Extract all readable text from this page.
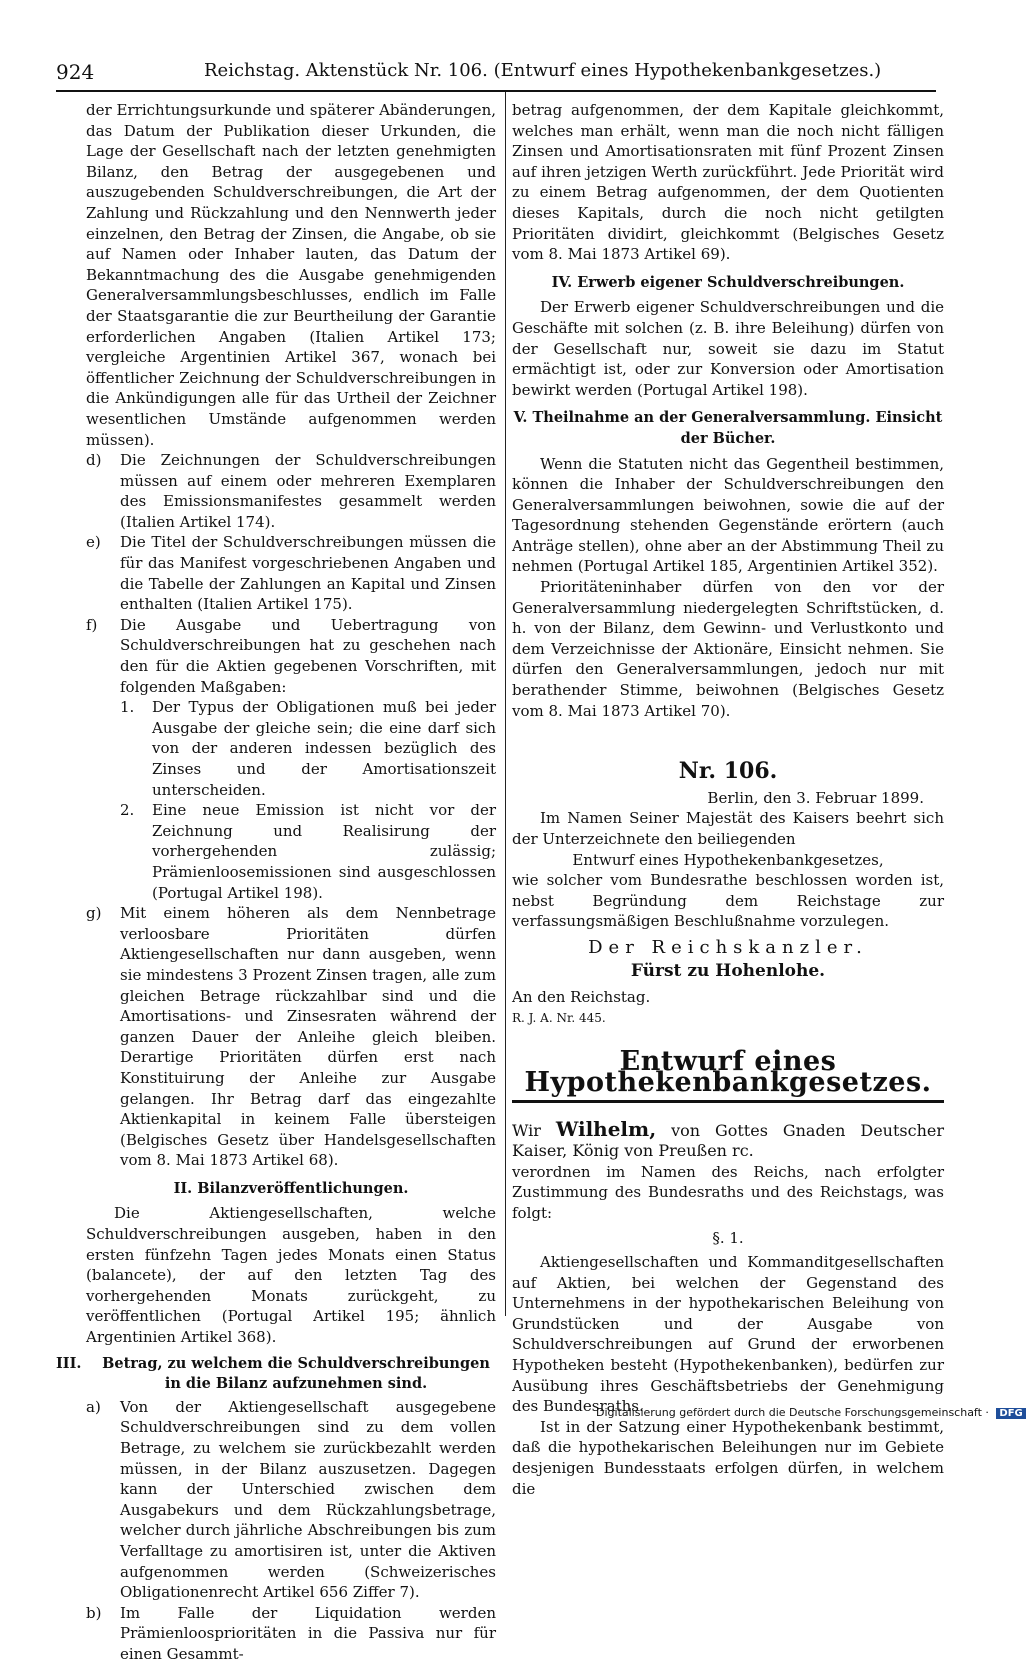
924	Reichstag. Aktenstück Nr. 106. (Entwurf eines Hypothekenbankgesetzes.)

der Errichtungsurkunde und späterer Abänderungen, das Datum der Publikation dieser Urkunden, die Lage der Gesellschaft nach der letzten genehmigten Bilanz, den Betrag der ausgegebenen und auszugebenden Schuldverschreibungen, die Art der Zahlung und Rückzahlung und den Nennwerth jeder einzelnen, den Betrag der Zinsen, die Angabe, ob sie auf Namen oder Inhaber lauten, das Datum der Bekanntmachung des die Ausgabe genehmigenden Generalversammlungsbeschlusses, endlich im Falle der Staatsgarantie die zur Beurtheilung der Garantie erforderlichen Angaben (Italien Artikel 173; vergleiche Argentinien Artikel 367, wonach bei öffentlicher Zeichnung der Schuldverschreibungen in die Ankündigungen alle für das Urtheil der Zeichner wesentlichen Umstände aufgenommen werden müssen).

d)	Die Zeichnungen der Schuldverschreibungen müssen auf einem oder mehreren Exemplaren des Emissionsmanifestes gesammelt werden (Italien Artikel 174).
e)	Die Titel der Schuldverschreibungen müssen die für das Manifest vorgeschriebenen Angaben und die Tabelle der Zahlungen an Kapital und Zinsen enthalten (Italien Artikel 175).
f)	Die Ausgabe und Uebertragung von Schuldverschreibungen hat zu geschehen nach den für die Aktien gegebenen Vorschriften, mit folgenden Maßgaben:
1.	Der Typus der Obligationen muß bei jeder Ausgabe der gleiche sein; die eine darf sich von der anderen indessen bezüglich des Zinses und der Amortisationszeit unterscheiden.
2.	Eine neue Emission ist nicht vor der Zeichnung und Realisirung der vorhergehenden zulässig; Prämienloosemissionen sind ausgeschlossen (Portugal Artikel 198).
g)	Mit einem höheren als dem Nennbetrage verloosbare Prioritäten dürfen Aktiengesellschaften nur dann ausgeben, wenn sie mindestens 3 Prozent Zinsen tragen, alle zum gleichen Betrage rückzahlbar sind und die Amortisations- und Zinsesraten während der ganzen Dauer der Anleihe gleich bleiben. Derartige Prioritäten dürfen erst nach Konstituirung der Anleihe zur Ausgabe gelangen. Ihr Betrag darf das eingezahlte Aktienkapital in keinem Falle übersteigen (Belgisches Gesetz über Handelsgesellschaften vom 8. Mai 1873 Artikel 68).
II. Bilanzveröffentlichungen.

Die Aktiengesellschaften, welche Schuldverschreibungen ausgeben, haben in den ersten fünfzehn Tagen jedes Monats einen Status (balancete), der auf den letzten Tag des vorhergehenden Monats zurückgeht, zu veröffentlichen (Portugal Artikel 195; ähnlich Argentinien Artikel 368).

III.	Betrag, zu welchem die Schuldverschreibungen in die Bilanz aufzunehmen sind.
a)	Von der Aktiengesellschaft ausgegebene Schuldverschreibungen sind zu dem vollen Betrage, zu welchem sie zurückbezahlt werden müssen, in der Bilanz auszusetzen. Dagegen kann der Unterschied zwischen dem Ausgabekurs und dem Rückzahlungsbetrage, welcher durch jährliche Abschreibungen bis zum Verfalltage zu amortisiren ist, unter die Aktiven aufgenommen werden (Schweizerisches Obligationenrecht Artikel 656 Ziffer 7).
b)	Im Falle der Liquidation werden Prämienloosprioritäten in die Passiva nur für einen Gesammt-

betrag aufgenommen, der dem Kapitale gleichkommt, welches man erhält, wenn man die noch nicht fälligen Zinsen und Amortisationsraten mit fünf Prozent Zinsen auf ihren jetzigen Werth zurückführt. Jede Priorität wird zu einem Betrag aufgenommen, der dem Quotienten dieses Kapitals, durch die noch nicht getilgten Prioritäten dividirt, gleichkommt (Belgisches Gesetz vom 8. Mai 1873 Artikel 69).

IV. Erwerb eigener Schuldverschreibungen.

Der Erwerb eigener Schuldverschreibungen und die Geschäfte mit solchen (z. B. ihre Beleihung) dürfen von der Gesellschaft nur, soweit sie dazu im Statut ermächtigt ist, oder zur Konversion oder Amortisation bewirkt werden (Portugal Artikel 198).

V. Theilnahme an der Generalversammlung. Einsicht der Bücher.

Wenn die Statuten nicht das Gegentheil bestimmen, können die Inhaber der Schuldverschreibungen den Generalversammlungen beiwohnen, sowie die auf der Tagesordnung stehenden Gegenstände erörtern (auch Anträge stellen), ohne aber an der Abstimmung Theil zu nehmen (Portugal Artikel 185, Argentinien Artikel 352).

Prioritäteninhaber dürfen von den vor der Generalversammlung niedergelegten Schriftstücken, d. h. von der Bilanz, dem Gewinn- und Verlustkonto und dem Verzeichnisse der Aktionäre, Einsicht nehmen. Sie dürfen den Generalversammlungen, jedoch nur mit berathender Stimme, beiwohnen (Belgisches Gesetz vom 8. Mai 1873 Artikel 70).

Nr. 106.

Berlin, den 3. Februar 1899.

Im Namen Seiner Majestät des Kaisers beehrt sich der Unterzeichnete den beiliegenden

Entwurf eines Hypothekenbankgesetzes,

wie solcher vom Bundesrathe beschlossen worden ist, nebst Begründung dem Reichstage zur verfassungsmäßigen Beschlußnahme vorzulegen.

Der Reichskanzler.
Fürst zu Hohenlohe.

An den Reichstag.

R. J. A. Nr. 445.

Entwurf eines Hypothekenbankgesetzes.

Wir Wilhelm, von Gottes Gnaden Deutscher Kaiser, König von Preußen rc.

verordnen im Namen des Reichs, nach erfolgter Zustimmung des Bundesraths und des Reichstags, was folgt:

§. 1.

Aktiengesellschaften und Kommanditgesellschaften auf Aktien, bei welchen der Gegenstand des Unternehmens in der hypothekarischen Beleihung von Grundstücken und der Ausgabe von Schuldverschreibungen auf Grund der erworbenen Hypotheken besteht (Hypothekenbanken), bedürfen zur Ausübung ihres Geschäftsbetriebs der Genehmigung des Bundesraths.

Ist in der Satzung einer Hypothekenbank bestimmt, daß die hypothekarischen Beleihungen nur im Gebiete desjenigen Bundesstaats erfolgen dürfen, in welchem die

Digitalisierung gefördert durch die Deutsche Forschungsgemeinschaft · DFG
